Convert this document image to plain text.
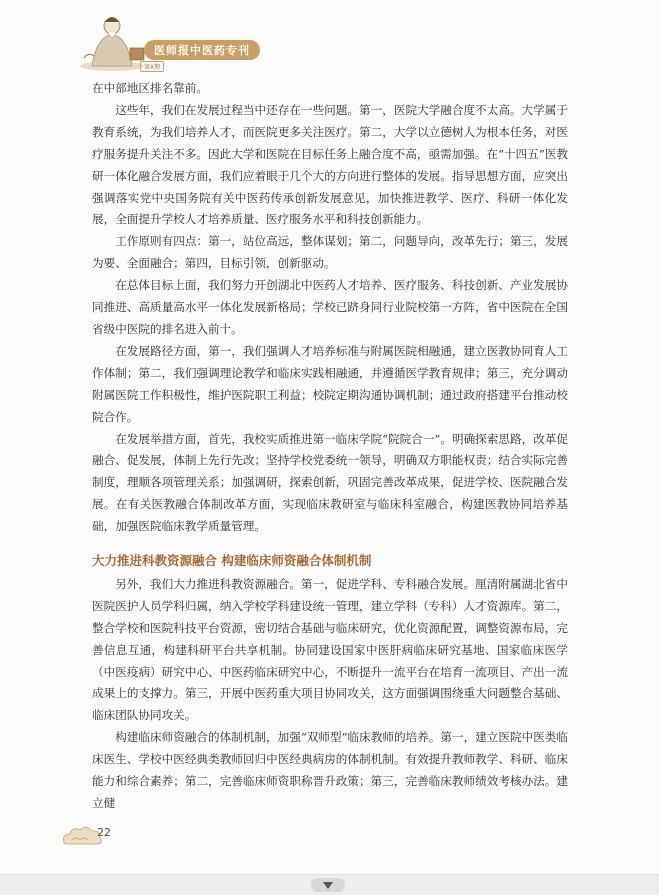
医师报中医药专刊
第X期

在中部地区排名靠前。

这些年，我们在发展过程当中还存在一些问题。第一，医院大学融合度不太高。大学属于教育系统，为我们培养人才，而医院更多关注医疗。第二，大学以立德树人为根本任务，对医疗服务提升关注不多。因此大学和医院在目标任务上融合度不高，亟需加强。在“十四五”医教研一体化融合发展方面，我们应着眼于几个大的方向进行整体的发展。指导思想方面，应突出强调落实党中央国务院有关中医药传承创新发展意见，加快推进教学、医疗、科研一体化发展，全面提升学校人才培养质量、医疗服务水平和科技创新能力。

工作原则有四点：第一，站位高远，整体谋划；第二，问题导向，改革先行；第三，发展为要、全面融合；第四，目标引领，创新驱动。

在总体目标上面，我们努力开创湖北中医药人才培养、医疗服务、科技创新、产业发展协同推进、高质量高水平一体化发展新格局；学校已跻身同行业院校第一方阵，省中医院在全国省级中医院的排名进入前十。

在发展路径方面，第一，我们强调人才培养标准与附属医院相融通，建立医教协同育人工作体制；第二，我们强调理论教学和临床实践相融通，并遵循医学教育规律；第三，充分调动附属医院工作积极性，维护医院职工利益；校院定期沟通协调机制；通过政府搭建平台推动校院合作。

在发展举措方面，首先，我校实质推进第一临床学院“院院合一”。明确探索思路，改革促融合、促发展，体制上先行先改；坚持学校党委统一领导，明确双方职能权责；结合实际完善制度，理顺各项管理关系；加强调研，探索创新，巩固完善改革成果，促进学校、医院融合发展。在有关医教融合体制改革方面，实现临床教研室与临床科室融合，构建医教协同培养基础，加强医院临床教学质量管理。

大力推进科教资源融合 构建临床师资融合体制机制

另外，我们大力推进科教资源融合。第一，促进学科、专科融合发展。厘清附属湖北省中医院医护人员学科归属，纳入学校学科建设统一管理，建立学科（专科）人才资源库。第二，整合学校和医院科技平台资源，密切结合基础与临床研究，优化资源配置，调整资源布局，完善信息互通，构建科研平台共享机制。协同建设国家中医肝病临床研究基地、国家临床医学（中医疫病）研究中心、中医药临床研究中心，不断提升一流平台在培育一流项目、产出一流成果上的支撑力。第三，开展中医药重大项目协同攻关，这方面强调围绕重大问题整合基础、临床团队协同攻关。

构建临床师资融合的体制机制，加强“双师型”临床教师的培养。第一，建立医院中医类临床医生、学校中医经典类教师回归中医经典病房的体制机制。有效提升教师教学、科研、临床能力和综合素养；第二，完善临床师资职称晋升政策；第三，完善临床教师绩效考核办法。建立健

22
